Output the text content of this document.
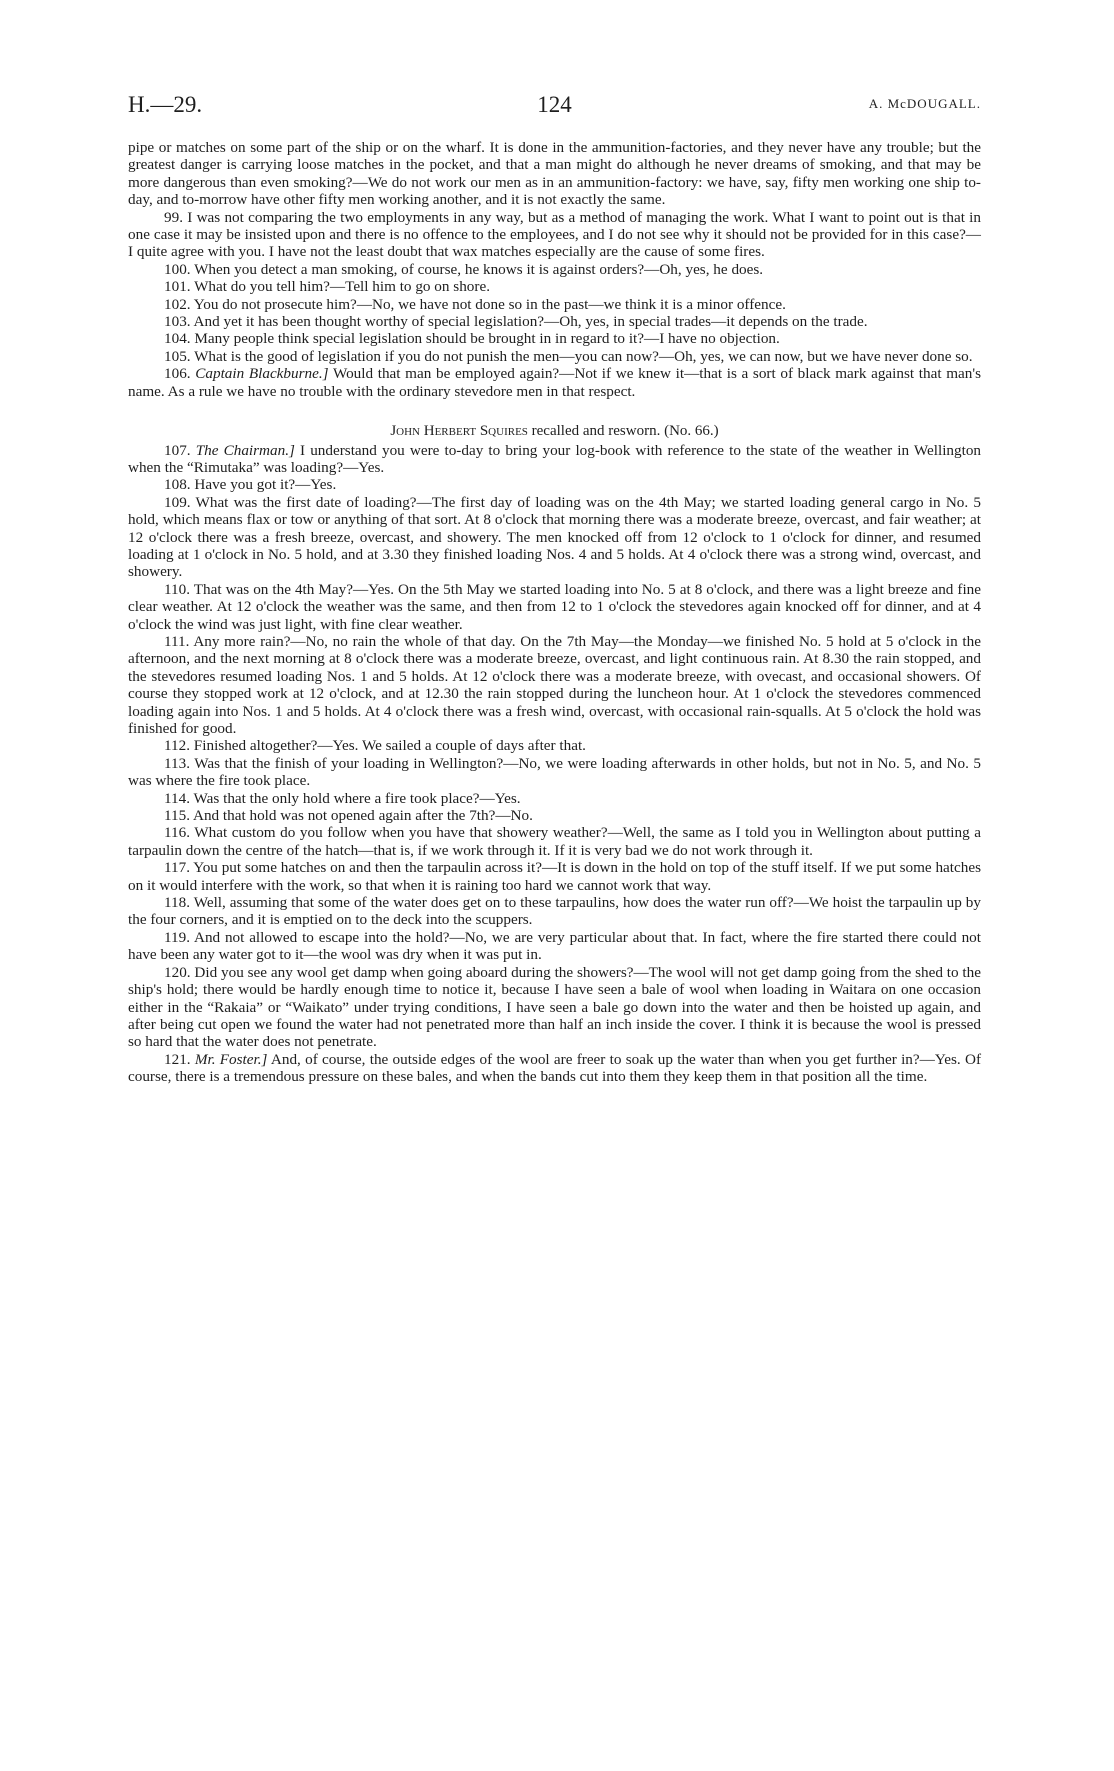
H.—29.	124	A. McDOUGALL.

pipe or matches on some part of the ship or on the wharf. It is done in the ammunition-factories, and they never have any trouble; but the greatest danger is carrying loose matches in the pocket, and that a man might do although he never dreams of smoking, and that may be more dangerous than even smoking?—We do not work our men as in an ammunition-factory: we have, say, fifty men working one ship to-day, and to-morrow have other fifty men working another, and it is not exactly the same.

99. I was not comparing the two employments in any way, but as a method of managing the work. What I want to point out is that in one case it may be insisted upon and there is no offence to the employees, and I do not see why it should not be provided for in this case?—I quite agree with you. I have not the least doubt that wax matches especially are the cause of some fires.

100. When you detect a man smoking, of course, he knows it is against orders?—Oh, yes, he does.

101. What do you tell him?—Tell him to go on shore.

102. You do not prosecute him?—No, we have not done so in the past—we think it is a minor offence.

103. And yet it has been thought worthy of special legislation?—Oh, yes, in special trades—it depends on the trade.

104. Many people think special legislation should be brought in in regard to it?—I have no objection.

105. What is the good of legislation if you do not punish the men—you can now?—Oh, yes, we can now, but we have never done so.

106. Captain Blackburne.] Would that man be employed again?—Not if we knew it—that is a sort of black mark against that man's name. As a rule we have no trouble with the ordinary stevedore men in that respect.

John Herbert Squires recalled and resworn. (No. 66.)

107. The Chairman.] I understand you were to-day to bring your log-book with reference to the state of the weather in Wellington when the “Rimutaka” was loading?—Yes.

108. Have you got it?—Yes.

109. What was the first date of loading?—The first day of loading was on the 4th May; we started loading general cargo in No. 5 hold, which means flax or tow or anything of that sort. At 8 o'clock that morning there was a moderate breeze, overcast, and fair weather; at 12 o'clock there was a fresh breeze, overcast, and showery. The men knocked off from 12 o'clock to 1 o'clock for dinner, and resumed loading at 1 o'clock in No. 5 hold, and at 3.30 they finished loading Nos. 4 and 5 holds. At 4 o'clock there was a strong wind, overcast, and showery.

110. That was on the 4th May?—Yes. On the 5th May we started loading into No. 5 at 8 o'clock, and there was a light breeze and fine clear weather. At 12 o'clock the weather was the same, and then from 12 to 1 o'clock the stevedores again knocked off for dinner, and at 4 o'clock the wind was just light, with fine clear weather.

111. Any more rain?—No, no rain the whole of that day. On the 7th May—the Monday—we finished No. 5 hold at 5 o'clock in the afternoon, and the next morning at 8 o'clock there was a moderate breeze, overcast, and light continuous rain. At 8.30 the rain stopped, and the stevedores resumed loading Nos. 1 and 5 holds. At 12 o'clock there was a moderate breeze, with ovecast, and occasional showers. Of course they stopped work at 12 o'clock, and at 12.30 the rain stopped during the luncheon hour. At 1 o'clock the stevedores commenced loading again into Nos. 1 and 5 holds. At 4 o'clock there was a fresh wind, overcast, with occasional rain-squalls. At 5 o'clock the hold was finished for good.

112. Finished altogether?—Yes. We sailed a couple of days after that.

113. Was that the finish of your loading in Wellington?—No, we were loading afterwards in other holds, but not in No. 5, and No. 5 was where the fire took place.

114. Was that the only hold where a fire took place?—Yes.

115. And that hold was not opened again after the 7th?—No.

116. What custom do you follow when you have that showery weather?—Well, the same as I told you in Wellington about putting a tarpaulin down the centre of the hatch—that is, if we work through it. If it is very bad we do not work through it.

117. You put some hatches on and then the tarpaulin across it?—It is down in the hold on top of the stuff itself. If we put some hatches on it would interfere with the work, so that when it is raining too hard we cannot work that way.

118. Well, assuming that some of the water does get on to these tarpaulins, how does the water run off?—We hoist the tarpaulin up by the four corners, and it is emptied on to the deck into the scuppers.

119. And not allowed to escape into the hold?—No, we are very particular about that. In fact, where the fire started there could not have been any water got to it—the wool was dry when it was put in.

120. Did you see any wool get damp when going aboard during the showers?—The wool will not get damp going from the shed to the ship's hold; there would be hardly enough time to notice it, because I have seen a bale of wool when loading in Waitara on one occasion either in the “Rakaia” or “Waikato” under trying conditions, I have seen a bale go down into the water and then be hoisted up again, and after being cut open we found the water had not penetrated more than half an inch inside the cover. I think it is because the wool is pressed so hard that the water does not penetrate.

121. Mr. Foster.] And, of course, the outside edges of the wool are freer to soak up the water than when you get further in?—Yes. Of course, there is a tremendous pressure on these bales, and when the bands cut into them they keep them in that position all the time.
